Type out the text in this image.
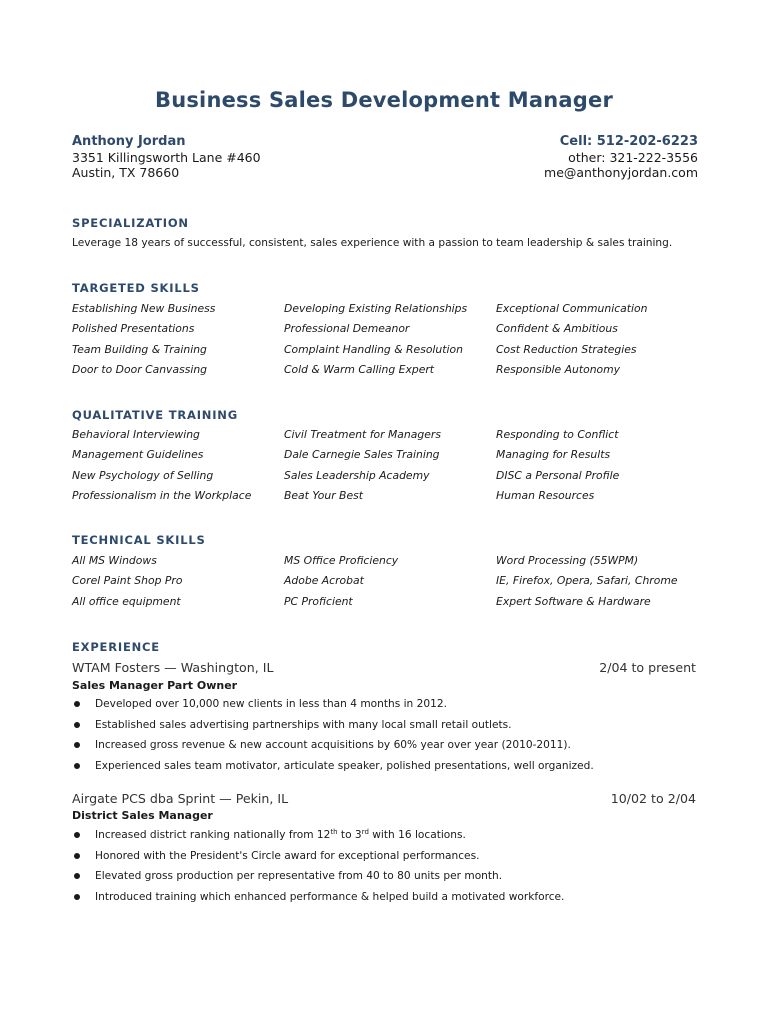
Business Sales Development Manager
Anthony Jordan
3351 Killingsworth Lane #460
Austin, TX 78660
Cell: 512-202-6223
other: 321-222-3556
me@anthonyjordan.com
SPECIALIZATION
Leverage 18 years of successful, consistent, sales experience with a passion to team leadership & sales training.
TARGETED SKILLS
Establishing New Business	Developing Existing Relationships	Exceptional Communication
Polished Presentations	Professional Demeanor	Confident & Ambitious
Team Building & Training	Complaint Handling & Resolution	Cost Reduction Strategies
Door to Door Canvassing	Cold & Warm Calling Expert	Responsible Autonomy
QUALITATIVE TRAINING
Behavioral Interviewing	Civil Treatment for Managers	Responding to Conflict
Management Guidelines	Dale Carnegie Sales Training	Managing for Results
New Psychology of Selling	Sales Leadership Academy	DISC a Personal Profile
Professionalism in the Workplace	Beat Your Best	Human Resources
TECHNICAL SKILLS
All MS Windows	MS Office Proficiency	Word Processing (55WPM)
Corel Paint Shop Pro	Adobe Acrobat	IE, Firefox, Opera, Safari, Chrome
All office equipment	PC Proficient	Expert Software & Hardware
EXPERIENCE
WTAM Fosters — Washington, IL	2/04 to present
Sales Manager Part Owner
Developed over 10,000 new clients in less than 4 months in 2012.
Established sales advertising partnerships with many local small retail outlets.
Increased gross revenue & new account acquisitions by 60% year over year (2010-2011).
Experienced sales team motivator, articulate speaker, polished presentations, well organized.
Airgate PCS dba Sprint — Pekin, IL	10/02 to 2/04
District Sales Manager
Increased district ranking nationally from 12th to 3rd with 16 locations.
Honored with the President's Circle award for exceptional performances.
Elevated gross production per representative from 40 to 80 units per month.
Introduced training which enhanced performance & helped build a motivated workforce.
